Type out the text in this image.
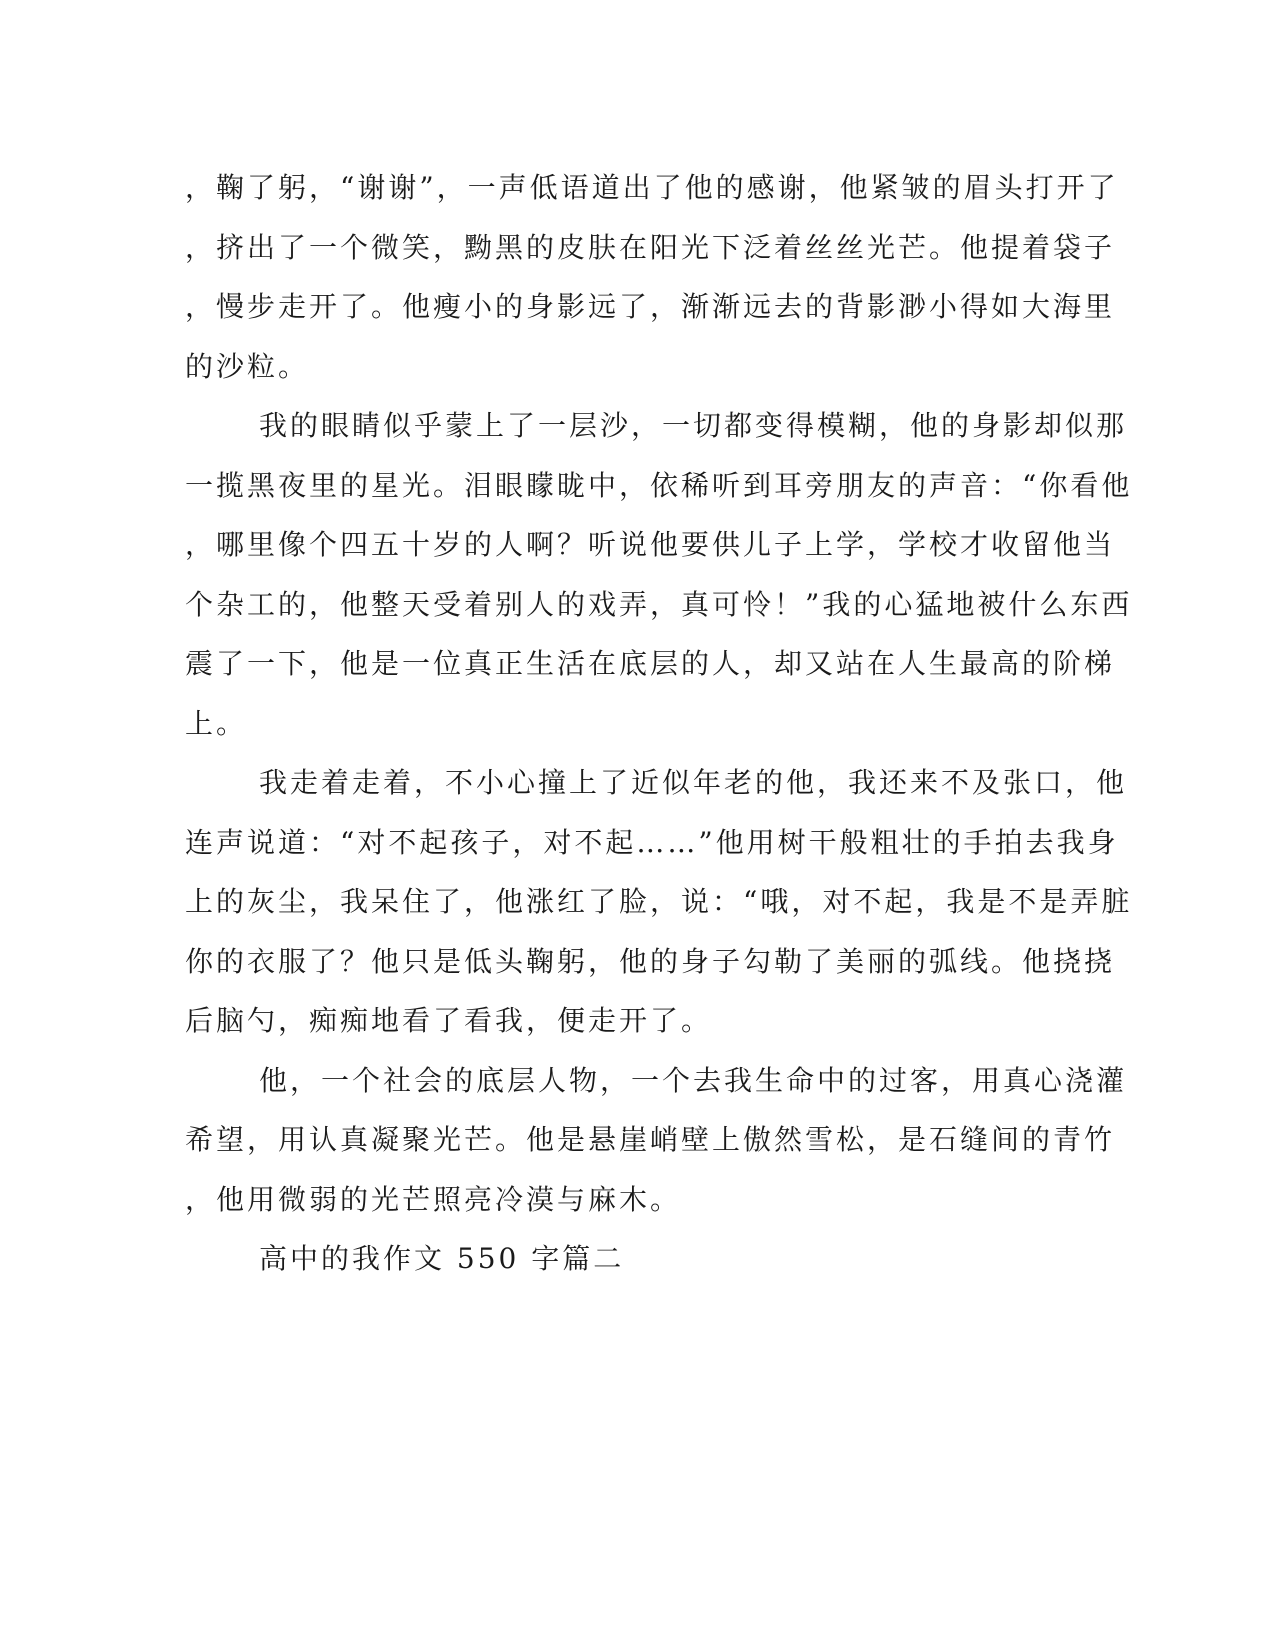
，鞠了躬，“谢谢”，一声低语道出了他的感谢，他紧皱的眉头打开了
，挤出了一个微笑，黝黑的皮肤在阳光下泛着丝丝光芒。他提着袋子
，慢步走开了。他瘦小的身影远了，渐渐远去的背影渺小得如大海里
的沙粒。
我的眼睛似乎蒙上了一层沙，一切都变得模糊，他的身影却似那
一揽黑夜里的星光。泪眼矇昽中，依稀听到耳旁朋友的声音：“你看他
，哪里像个四五十岁的人啊？听说他要供儿子上学，学校才收留他当
个杂工的，他整天受着别人的戏弄，真可怜！”我的心猛地被什么东西
震了一下，他是一位真正生活在底层的人，却又站在人生最高的阶梯
上。
我走着走着，不小心撞上了近似年老的他，我还来不及张口，他
连声说道：“对不起孩子，对不起……”他用树干般粗壮的手拍去我身
上的灰尘，我呆住了，他涨红了脸，说：“哦，对不起，我是不是弄脏
你的衣服了？他只是低头鞠躬，他的身子勾勒了美丽的弧线。他挠挠
后脑勺，痴痴地看了看我，便走开了。
他，一个社会的底层人物，一个去我生命中的过客，用真心浇灌
希望，用认真凝聚光芒。他是悬崖峭壁上傲然雪松，是石缝间的青竹
，他用微弱的光芒照亮冷漠与麻木。
高中的我作文 550 字篇二
